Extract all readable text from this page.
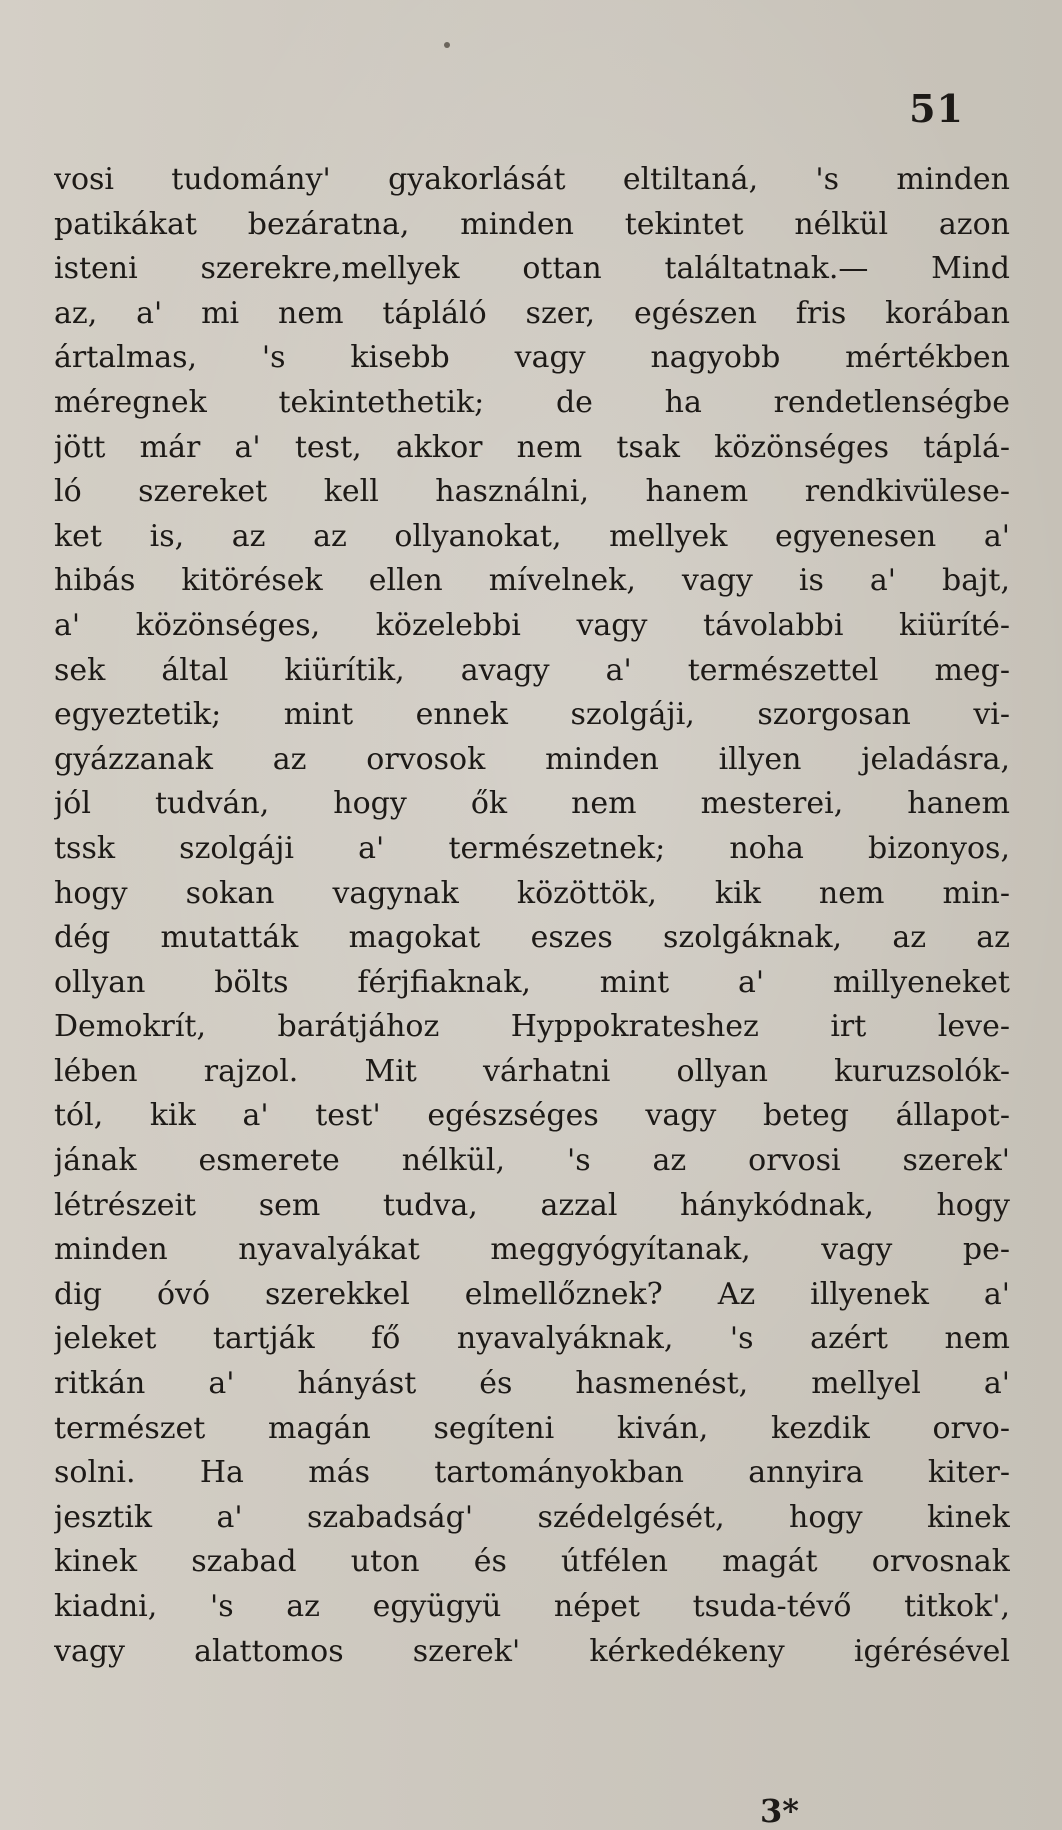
51
vosi tudomány' gyakorlását eltiltaná, 's minden
patikákat bezáratna, minden tekintet nélkül azon
isteni szerekre,mellyek ottan találtatnak.— Mind
az, a' mi nem tápláló szer, egészen fris korában
ártalmas, 's kisebb vagy nagyobb mértékben
méregnek tekintethetik; de ha rendetlenségbe
jött már a' test, akkor nem tsak közönséges táplá-
ló szereket kell használni, hanem rendkivülese-
ket is, az az ollyanokat, mellyek egyenesen a'
hibás kitörések ellen mívelnek, vagy is a' bajt,
a' közönséges, közelebbi vagy távolabbi kiüríté-
sek által kiürítik, avagy a' természettel meg-
egyeztetik; mint ennek szolgáji, szorgosan vi-
gyázzanak az orvosok minden illyen jeladásra,
jól tudván, hogy ők nem mesterei, hanem
tssk szolgáji a' természetnek; noha bizonyos,
hogy sokan vagynak közöttök, kik nem min-
dég mutatták magokat eszes szolgáknak, az az
ollyan bölts férjfiaknak, mint a' millyeneket
Demokrít, barátjához Hyppokrateshez irt leve-
lében rajzol. Mit várhatni ollyan kuruzsolók-
tól, kik a' test' egészséges vagy beteg állapot-
jának esmerete nélkül, 's az orvosi szerek'
létrészeit sem tudva, azzal hánykódnak, hogy
minden nyavalyákat meggyógyítanak, vagy pe-
dig óvó szerekkel elmellőznek? Az illyenek a'
jeleket tartják fő nyavalyáknak, 's azért nem
ritkán a' hányást és hasmenést, mellyel a'
természet magán segíteni kiván, kezdik orvo-
solni. Ha más tartományokban annyira kiter-
jesztik a' szabadság' szédelgését, hogy kinek
kinek szabad uton és útfélen magát orvosnak
kiadni, 's az együgyü népet tsuda-tévő titkok',
vagy alattomos szerek' kérkedékeny igérésével
3*
